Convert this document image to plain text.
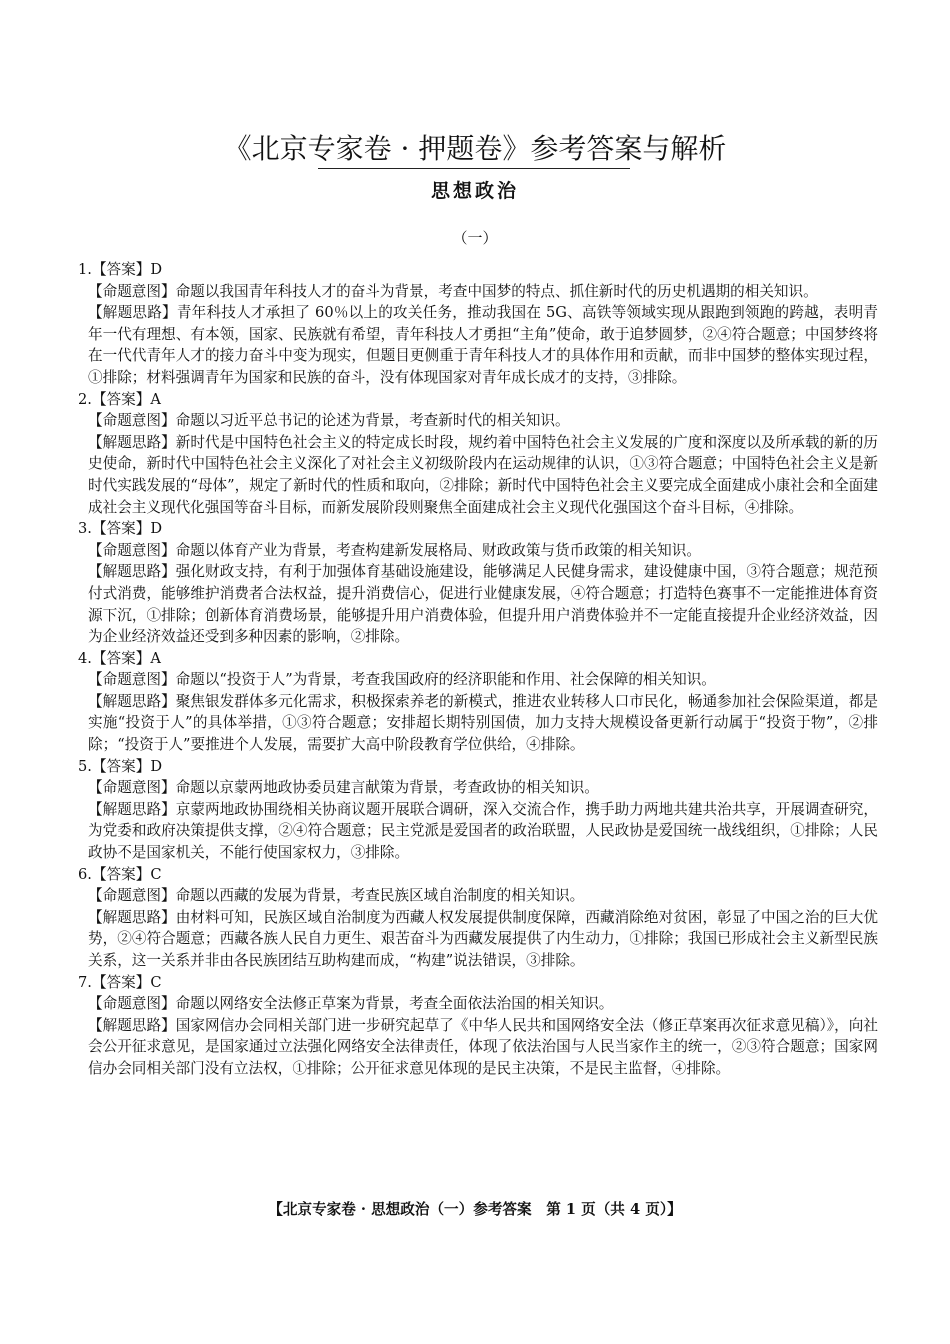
《北京专家卷 · 押题卷》参考答案与解析
思想政治
（一）

1.【答案】D

【命题意图】命题以我国青年科技人才的奋斗为背景，考查中国梦的特点、抓住新时代的历史机遇期的相关知识。

【解题思路】青年科技人才承担了 60％以上的攻关任务，推动我国在 5G、高铁等领域实现从跟跑到领跑的跨越，表明青年一代有理想、有本领，国家、民族就有希望，青年科技人才勇担“主角”使命，敢于追梦圆梦，②④符合题意；中国梦终将在一代代青年人才的接力奋斗中变为现实，但题目更侧重于青年科技人才的具体作用和贡献，而非中国梦的整体实现过程，①排除；材料强调青年为国家和民族的奋斗，没有体现国家对青年成长成才的支持，③排除。

2.【答案】A

【命题意图】命题以习近平总书记的论述为背景，考查新时代的相关知识。

【解题思路】新时代是中国特色社会主义的特定成长时段，规约着中国特色社会主义发展的广度和深度以及所承载的新的历史使命，新时代中国特色社会主义深化了对社会主义初级阶段内在运动规律的认识，①③符合题意；中国特色社会主义是新时代实践发展的“母体”，规定了新时代的性质和取向，②排除；新时代中国特色社会主义要完成全面建成小康社会和全面建成社会主义现代化强国等奋斗目标，而新发展阶段则聚焦全面建成社会主义现代化强国这个奋斗目标，④排除。

3.【答案】D

【命题意图】命题以体育产业为背景，考查构建新发展格局、财政政策与货币政策的相关知识。

【解题思路】强化财政支持，有利于加强体育基础设施建设，能够满足人民健身需求，建设健康中国，③符合题意；规范预付式消费，能够维护消费者合法权益，提升消费信心，促进行业健康发展，④符合题意；打造特色赛事不一定能推进体育资源下沉，①排除；创新体育消费场景，能够提升用户消费体验，但提升用户消费体验并不一定能直接提升企业经济效益，因为企业经济效益还受到多种因素的影响，②排除。

4.【答案】A

【命题意图】命题以“投资于人”为背景，考查我国政府的经济职能和作用、社会保障的相关知识。

【解题思路】聚焦银发群体多元化需求，积极探索养老的新模式，推进农业转移人口市民化，畅通参加社会保险渠道，都是实施“投资于人”的具体举措，①③符合题意；安排超长期特别国债，加力支持大规模设备更新行动属于“投资于物”，②排除；“投资于人”要推进个人发展，需要扩大高中阶段教育学位供给，④排除。

5.【答案】D

【命题意图】命题以京蒙两地政协委员建言献策为背景，考查政协的相关知识。

【解题思路】京蒙两地政协围绕相关协商议题开展联合调研，深入交流合作，携手助力两地共建共治共享，开展调查研究，为党委和政府决策提供支撑，②④符合题意；民主党派是爱国者的政治联盟，人民政协是爱国统一战线组织，①排除；人民政协不是国家机关，不能行使国家权力，③排除。

6.【答案】C

【命题意图】命题以西藏的发展为背景，考查民族区域自治制度的相关知识。

【解题思路】由材料可知，民族区域自治制度为西藏人权发展提供制度保障，西藏消除绝对贫困，彰显了中国之治的巨大优势，②④符合题意；西藏各族人民自力更生、艰苦奋斗为西藏发展提供了内生动力，①排除；我国已形成社会主义新型民族关系，这一关系并非由各民族团结互助构建而成，“构建”说法错误，③排除。

7.【答案】C

【命题意图】命题以网络安全法修正草案为背景，考查全面依法治国的相关知识。

【解题思路】国家网信办会同相关部门进一步研究起草了《中华人民共和国网络安全法（修正草案再次征求意见稿）》，向社会公开征求意见，是国家通过立法强化网络安全法律责任，体现了依法治国与人民当家作主的统一，②③符合题意；国家网信办会同相关部门没有立法权，①排除；公开征求意见体现的是民主决策，不是民主监督，④排除。

【北京专家卷 · 思想政治（一）参考答案　第 1 页（共 4 页）】
